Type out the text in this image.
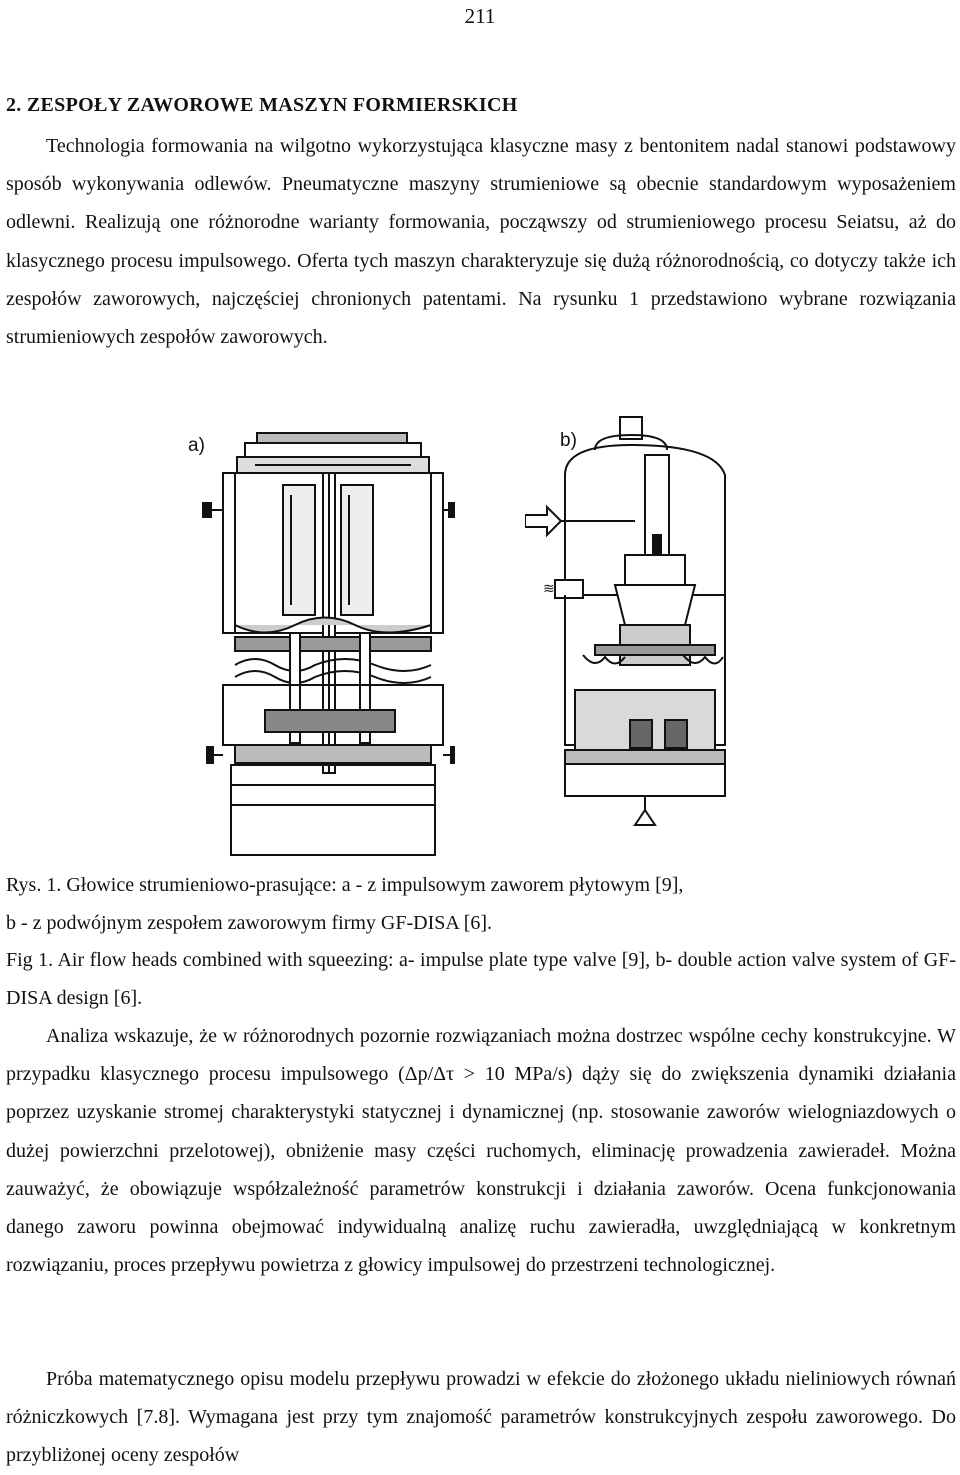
211
2. ZESPOŁY ZAWOROWE MASZYN FORMIERSKICH

Technologia formowania na wilgotno wykorzystująca klasyczne masy z bentonitem nadal stanowi podstawowy sposób wykonywania odlewów. Pneumatyczne maszyny strumieniowe są obecnie standardowym wyposażeniem odlewni. Realizują one różnorodne warianty formowania, począwszy od strumieniowego procesu Seiatsu, aż do klasycznego procesu impulsowego. Oferta tych maszyn charakteryzuje się dużą różnorodnością, co dotyczy także ich zespołów zaworowych, najczęściej chronionych patentami. Na rysunku 1 przedstawiono wybrane rozwiązania strumieniowych zespołów zaworowych.

a)	b)
≋
Rys. 1. Głowice strumieniowo-prasujące: a - z impulsowym zaworem płytowym [9],
b - z podwójnym zespołem zaworowym firmy GF-DISA [6].

Fig 1. Air flow heads combined with squeezing: a- impulse plate type valve [9], b- double action valve system of GF-DISA design [6].

Analiza wskazuje, że w różnorodnych pozornie rozwiązaniach można dostrzec wspólne cechy konstrukcyjne. W przypadku klasycznego procesu impulsowego (Δp/Δτ > 10 MPa/s) dąży się do zwiększenia dynamiki działania poprzez uzyskanie stromej charakterystyki statycznej i dynamicznej (np. stosowanie zaworów wielogniazdowych o dużej powierzchni przelotowej), obniżenie masy części ruchomych, eliminację prowadzenia zawieradeł. Można zauważyć, że obowiązuje współzależność parametrów konstrukcji i działania zaworów. Ocena funkcjonowania danego zaworu powinna obejmować indywidualną analizę ruchu zawieradła, uwzględniającą w konkretnym rozwiązaniu, proces przepływu powietrza z głowicy impulsowej do przestrzeni technologicznej.

Próba matematycznego opisu modelu przepływu prowadzi w efekcie do złożonego układu nieliniowych równań różniczkowych [7.8]. Wymagana jest przy tym znajomość parametrów konstrukcyjnych zespołu zaworowego. Do przybliżonej oceny zespołów
